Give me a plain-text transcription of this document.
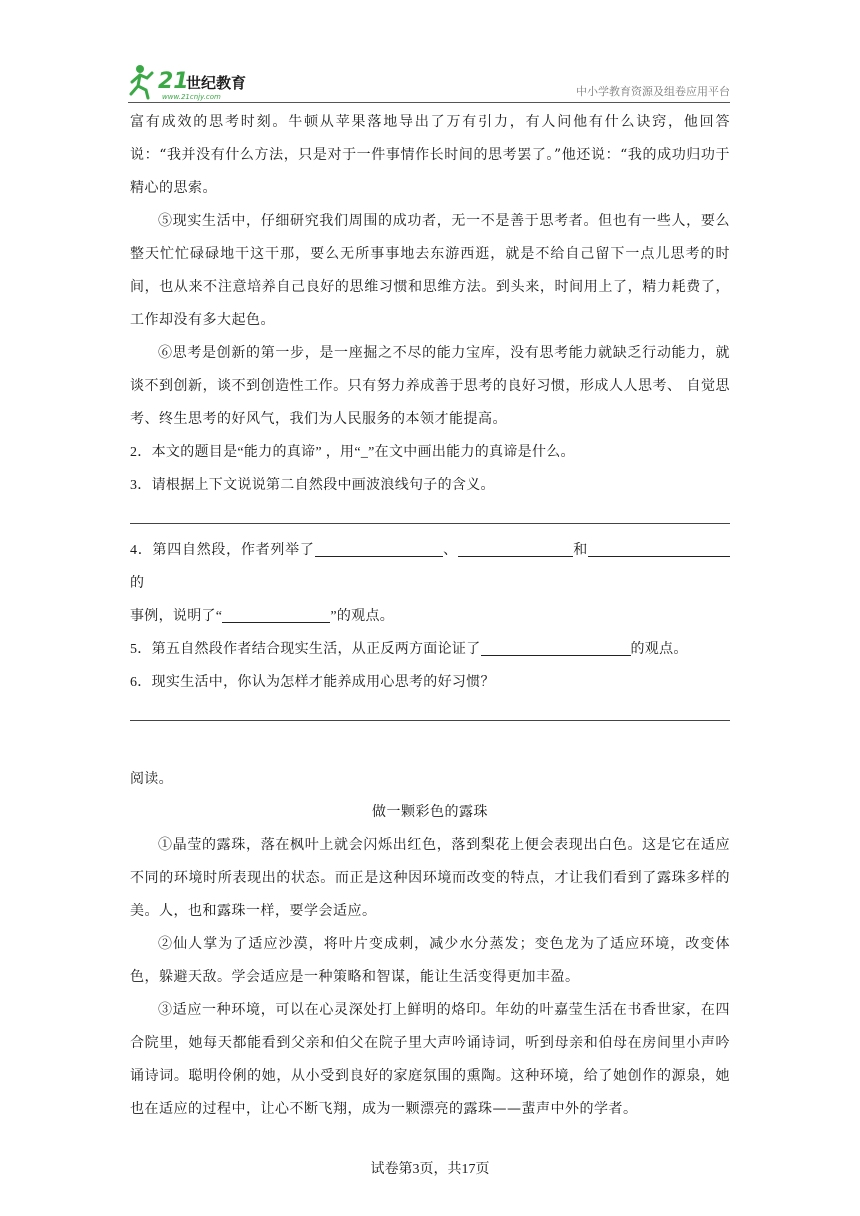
21
世纪教育
www.21cnjy.com	中小学教育资源及组卷应用平台

富有成效的思考时刻。牛顿从苹果落地导出了万有引力，有人问他有什么诀窍，他回答说：“我并没有什么方法，只是对于一件事情作长时间的思考罢了。”他还说：“我的成功归功于精心的思索。

⑤现实生活中，仔细研究我们周围的成功者，无一不是善于思考者。但也有一些人，要么整天忙忙碌碌地干这干那，要么无所事事地去东游西逛，就是不给自己留下一点儿思考的时间，也从来不注意培养自己良好的思维习惯和思维方法。到头来，时间用上了，精力耗费了，工作却没有多大起色。

⑥思考是创新的第一步，是一座掘之不尽的能力宝库，没有思考能力就缺乏行动能力，就谈不到创新，谈不到创造性工作。只有努力养成善于思考的良好习惯，形成人人思考、 自觉思考、终生思考的好风气，我们为人民服务的本领才能提高。

2．本文的题目是“能力的真谛” ，用“_”在文中画出能力的真谛是什么。

3．请根据上下文说说第二自然段中画波浪线句子的含义。

4．第四自然段，作者列举了	、	和的

事例，说明了“	”的观点。

5．第五自然段作者结合现实生活，从正反两方面论证了	的观点。

6．现实生活中，你认为怎样才能养成用心思考的好习惯？

阅读。

做一颗彩色的露珠

①晶莹的露珠，落在枫叶上就会闪烁出红色，落到梨花上便会表现出白色。这是它在适应不同的环境时所表现出的状态。而正是这种因环境而改变的特点，才让我们看到了露珠多样的美。人，也和露珠一样，要学会适应。

②仙人掌为了适应沙漠，将叶片变成刺，减少水分蒸发；变色龙为了适应环境，改变体色，躲避天敌。学会适应是一种策略和智谋，能让生活变得更加丰盈。

③适应一种环境，可以在心灵深处打上鲜明的烙印。年幼的叶嘉莹生活在书香世家，在四合院里，她每天都能看到父亲和伯父在院子里大声吟诵诗词，听到母亲和伯母在房间里小声吟诵诗词。聪明伶俐的她，从小受到良好的家庭氛围的熏陶。这种环境，给了她创作的源泉，她也在适应的过程中，让心不断飞翔，成为一颗漂亮的露珠——蜚声中外的学者。

试卷第3页，共17页
